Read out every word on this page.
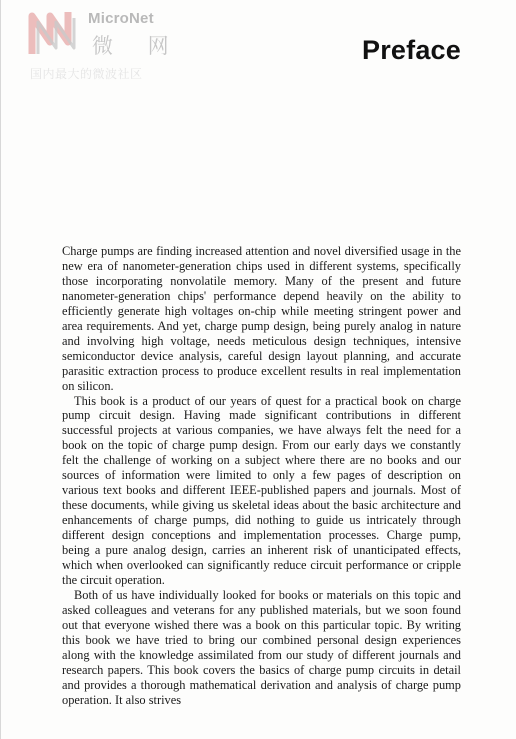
MicroNet
微 网
国内最大的微波社区
Preface

Charge pumps are finding increased attention and novel diversified usage in the new era of nanometer-generation chips used in different systems, specifically those incorporating nonvolatile memory. Many of the present and future nanometer-generation chips' performance depend heavily on the ability to efficiently generate high voltages on-chip while meeting stringent power and area requirements. And yet, charge pump design, being purely analog in nature and involving high voltage, needs meticulous design techniques, intensive semiconductor device analysis, careful design layout planning, and accurate parasitic extraction process to produce excellent results in real implementation on silicon.

This book is a product of our years of quest for a practical book on charge pump circuit design. Having made significant contributions in different successful projects at various companies, we have always felt the need for a book on the topic of charge pump design. From our early days we constantly felt the challenge of working on a subject where there are no books and our sources of information were limited to only a few pages of description on various text books and different IEEE-published papers and journals. Most of these documents, while giving us skeletal ideas about the basic architecture and enhancements of charge pumps, did nothing to guide us intricately through different design conceptions and implementation processes. Charge pump, being a pure analog design, carries an inherent risk of unanticipated effects, which when overlooked can significantly reduce circuit performance or cripple the circuit operation.

Both of us have individually looked for books or materials on this topic and asked colleagues and veterans for any published materials, but we soon found out that everyone wished there was a book on this particular topic. By writing this book we have tried to bring our combined personal design experiences along with the knowledge assimilated from our study of different journals and research papers. This book covers the basics of charge pump circuits in detail and provides a thorough mathematical derivation and analysis of charge pump operation. It also strives
